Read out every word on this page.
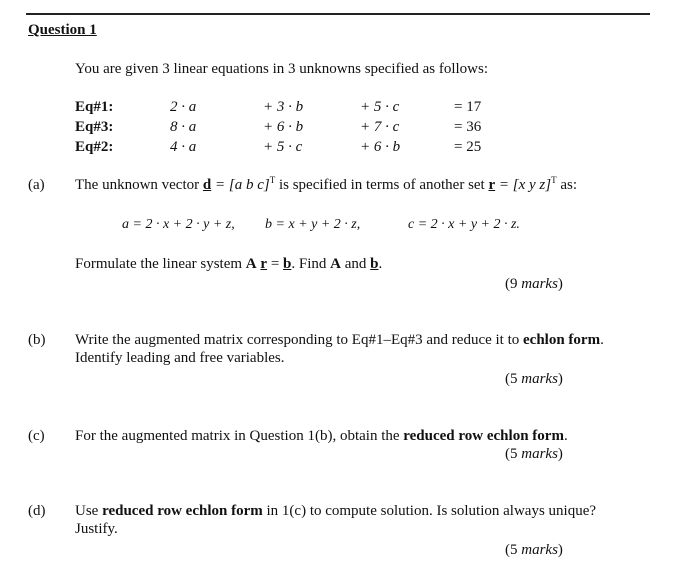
Question 1
You are given 3 linear equations in 3 unknowns specified as follows:
Eq#1:	2 · a	+ 3 · b	+ 5 · c	= 17
Eq#3:	8 · a	+ 6 · b	+ 7 · c	= 36
Eq#2:	4 · a	+ 5 · c	+ 6 · b	= 25
(a) The unknown vector d = [a b c]$^T$ is specified in terms of another set r = [x y z]$^T$ as:
a = 2 · x + 2 · y + z, b = x + y + 2 · z,	c = 2 · x + y + 2 · z.
Formulate the linear system A r = b. Find A and b.
(9 marks)
(b) Write the augmented matrix corresponding to Eq#1–Eq#3 and reduce it to echlon form.
Identify leading and free variables.
(5 marks)
(c) For the augmented matrix in Question 1(b), obtain the reduced row echlon form.
(5 marks)
(d) Use reduced row echlon form in 1(c) to compute solution. Is solution always unique?
Justify.
(5 marks)
